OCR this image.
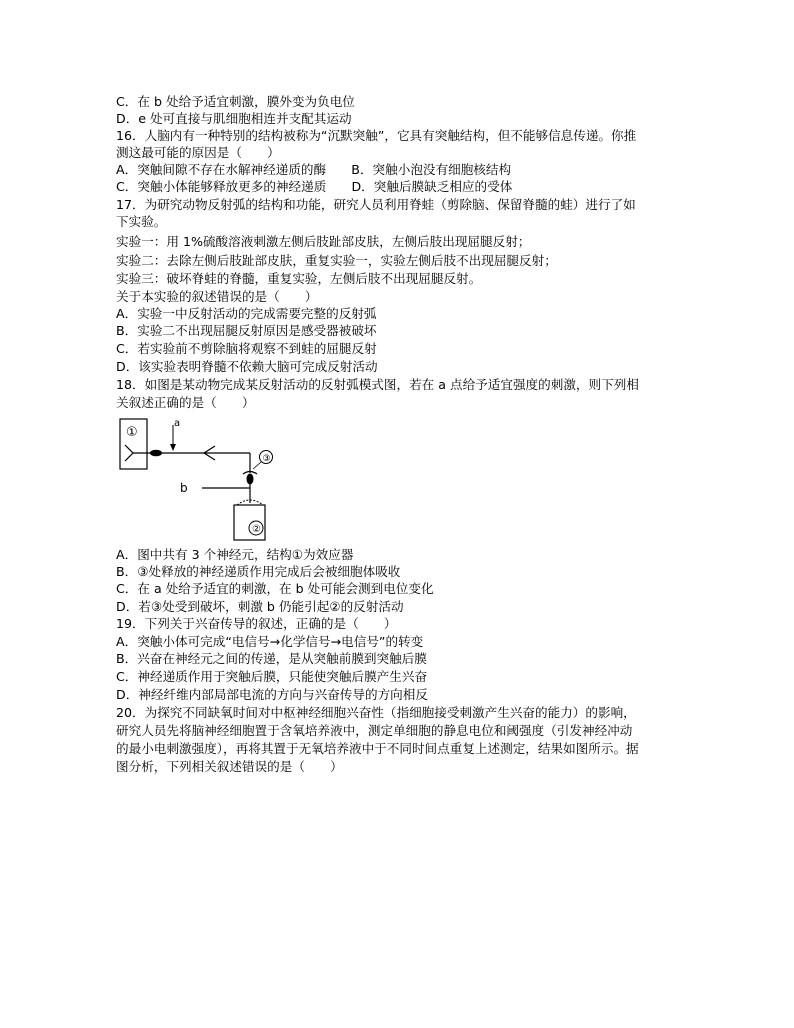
C．在 b 处给予适宜刺激，膜外变为负电位
D．e 处可直接与肌细胞相连并支配其运动
16．人脑内有一种特别的结构被称为“沉默突触”，它具有突触结构，但不能够信息传递。你推
测这最可能的原因是（　　）
A．突触间隙不存在水解神经递质的酶　　B．突触小泡没有细胞核结构
C．突触小体能够释放更多的神经递质　　D．突触后膜缺乏相应的受体
17．为研究动物反射弧的结构和功能，研究人员利用脊蛙（剪除脑、保留脊髓的蛙）进行了如
下实验。
实验一：用 1%硫酸溶液刺激左侧后肢趾部皮肤，左侧后肢出现屈腿反射；
实验二：去除左侧后肢趾部皮肤，重复实验一，实验左侧后肢不出现屈腿反射；
实验三：破坏脊蛙的脊髓，重复实验，左侧后肢不出现屈腿反射。
关于本实验的叙述错误的是（　　）
A．实验一中反射活动的完成需要完整的反射弧
B．实验二不出现屈腿反射原因是感受器被破坏
C．若实验前不剪除脑将观察不到蛙的屈腿反射
D．该实验表明脊髓不依赖大脑可完成反射活动
18．如图是某动物完成某反射活动的反射弧模式图，若在 a 点给予适宜强度的刺激，则下列相
关叙述正确的是（　　）
①
a
③
b
②
A．图中共有 3 个神经元，结构①为效应器
B．③处释放的神经递质作用完成后会被细胞体吸收
C．在 a 处给予适宜的刺激，在 b 处可能会测到电位变化
D．若③处受到破坏，刺激 b 仍能引起②的反射活动
19．下列关于兴奋传导的叙述，正确的是（　　）
A．突触小体可完成“电信号→化学信号→电信号”的转变
B．兴奋在神经元之间的传递，是从突触前膜到突触后膜
C．神经递质作用于突触后膜，只能使突触后膜产生兴奋
D．神经纤维内部局部电流的方向与兴奋传导的方向相反
20．为探究不同缺氧时间对中枢神经细胞兴奋性（指细胞接受刺激产生兴奋的能力）的影响，
研究人员先将脑神经细胞置于含氧培养液中，测定单细胞的静息电位和阈强度（引发神经冲动
的最小电刺激强度），再将其置于无氧培养液中于不同时间点重复上述测定，结果如图所示。据
图分析，下列相关叙述错误的是（　　）
